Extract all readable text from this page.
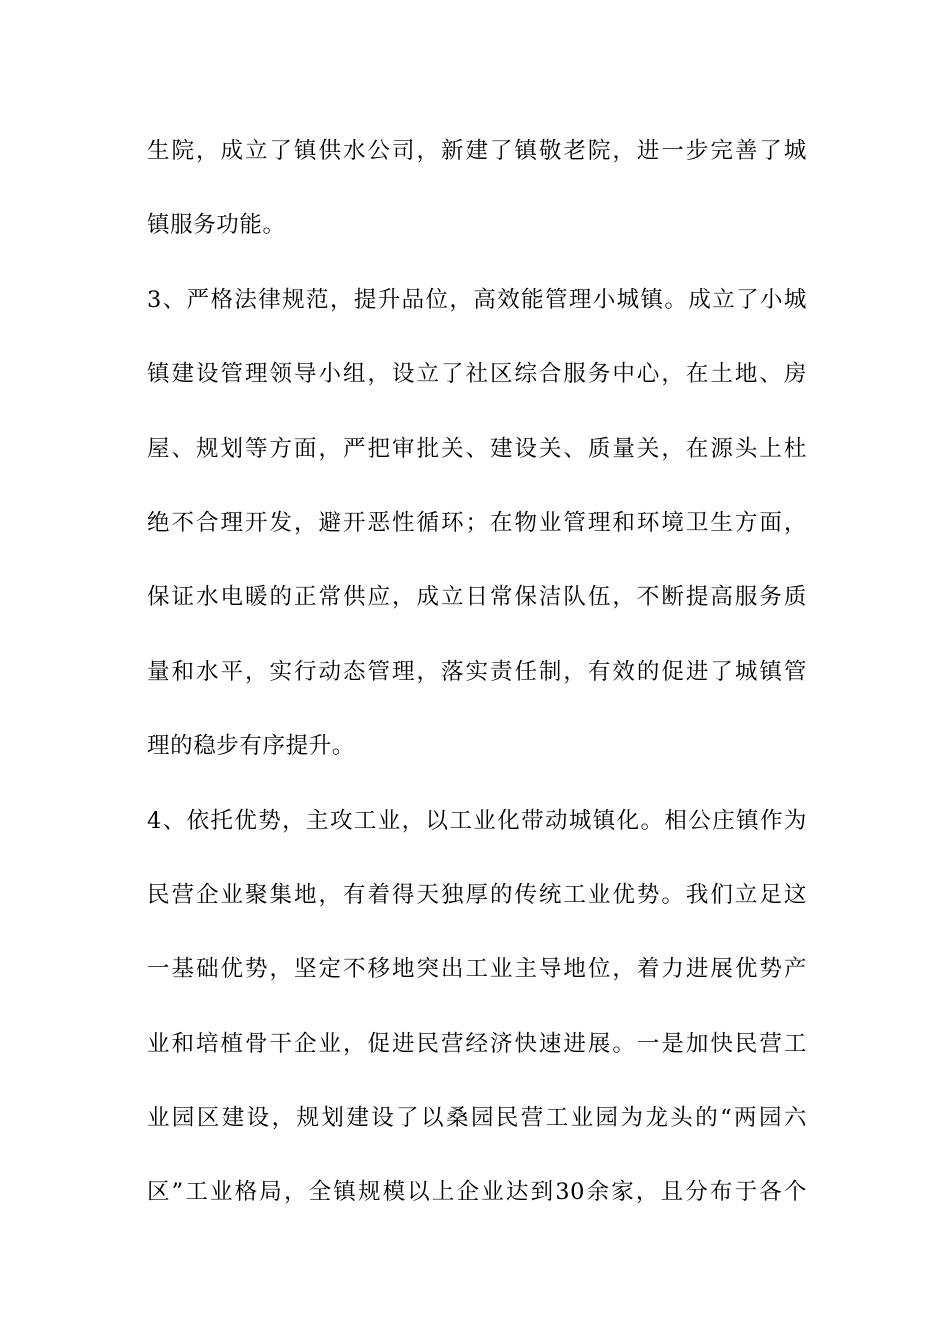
生院，成立了镇供水公司，新建了镇敬老院，进一步完善了城
镇服务功能。
3、严格法律规范，提升品位，高效能管理小城镇。成立了小城
镇建设管理领导小组，设立了社区综合服务中心，在土地、房
屋、规划等方面，严把审批关、建设关、质量关，在源头上杜
绝不合理开发，避开恶性循环；在物业管理和环境卫生方面，
保证水电暖的正常供应，成立日常保洁队伍，不断提高服务质
量和水平，实行动态管理，落实责任制，有效的促进了城镇管
理的稳步有序提升。
4、依托优势，主攻工业，以工业化带动城镇化。相公庄镇作为
民营企业聚集地，有着得天独厚的传统工业优势。我们立足这
一基础优势，坚定不移地突出工业主导地位，着力进展优势产
业和培植骨干企业，促进民营经济快速进展。一是加快民营工
业园区建设，规划建设了以桑园民营工业园为龙头的“两园六
区”工业格局，全镇规模以上企业达到30余家，且分布于各个
